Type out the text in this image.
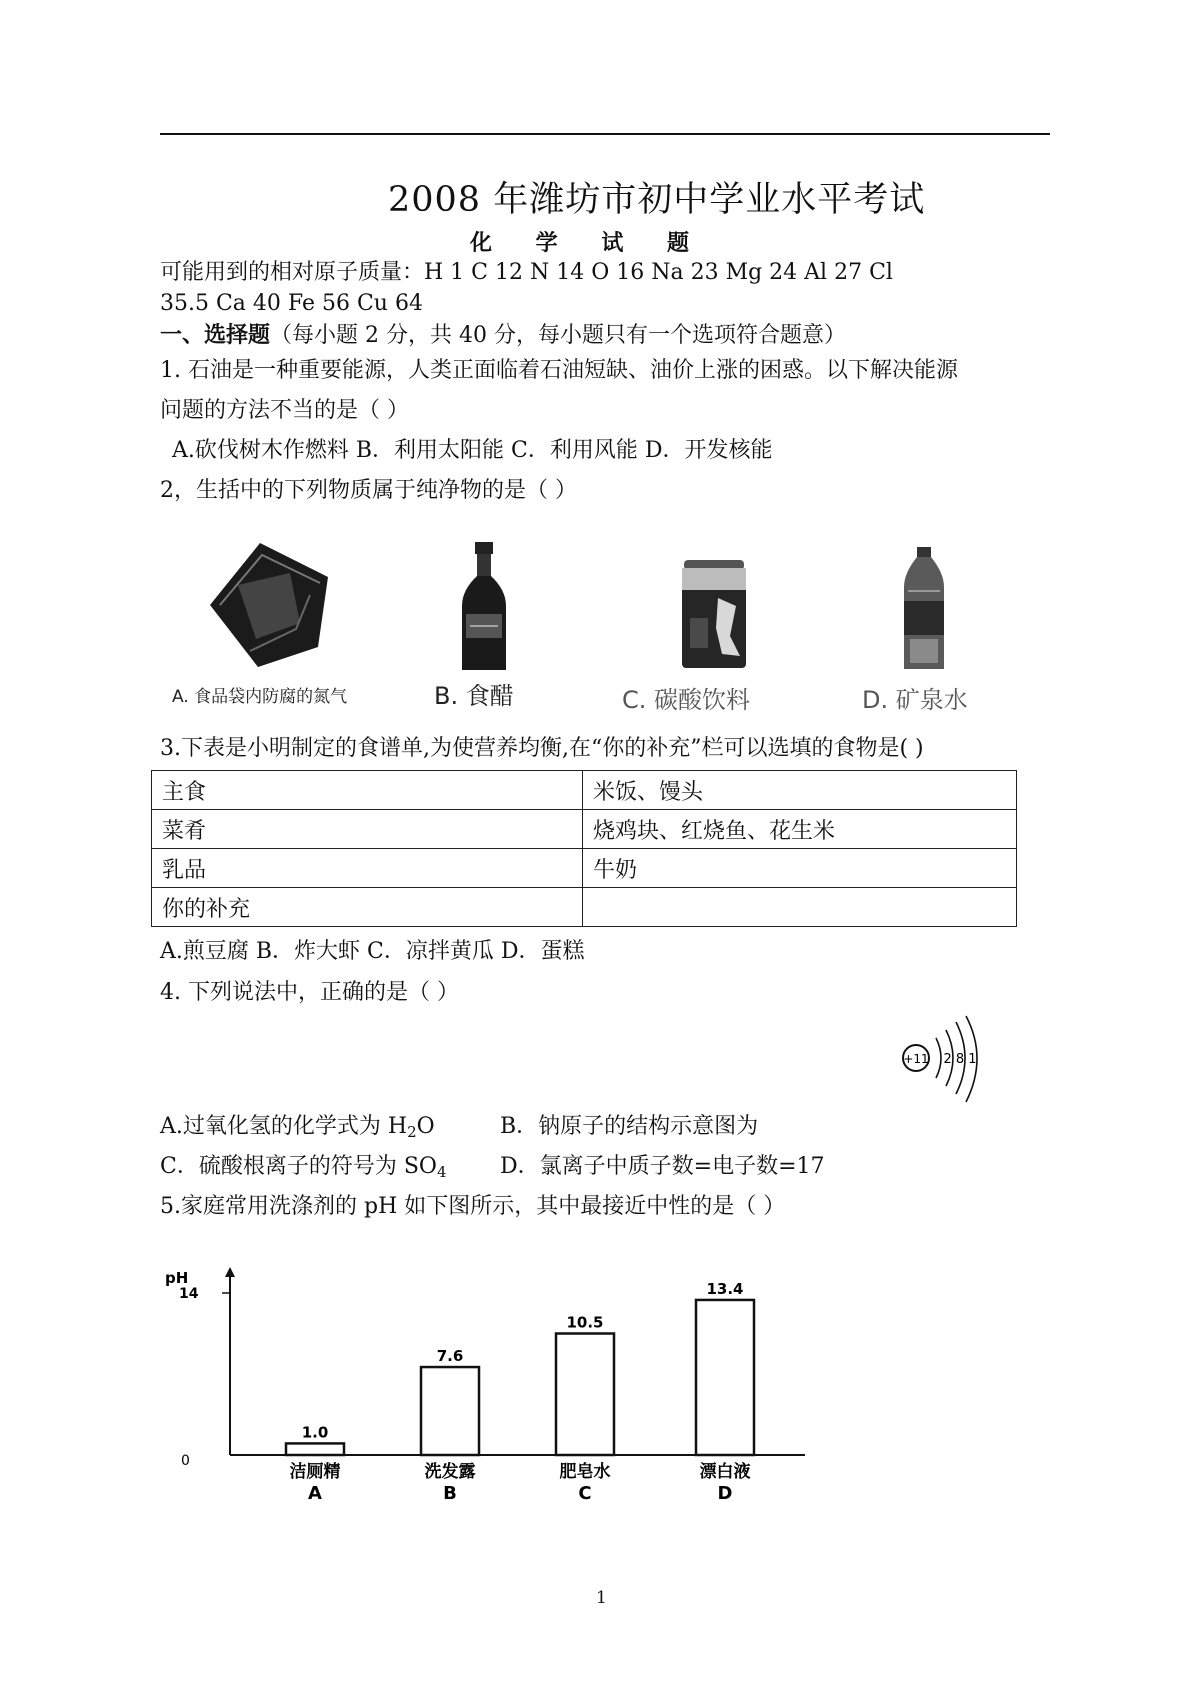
2008 年潍坊市初中学业水平考试
化 学 试 题
可能用到的相对原子质量：H 1 C 12 N 14 O 16 Na 23 Mg 24 Al 27 Cl
35.5 Ca 40 Fe 56 Cu 64
一、选择题（每小题 2 分，共 40 分，每小题只有一个选项符合题意）
1. 石油是一种重要能源，人类正面临着石油短缺、油价上涨的困惑。以下解决能源
问题的方法不当的是（ ）
A.砍伐树木作燃料 B．利用太阳能 C．利用风能 D．开发核能
2，生括中的下列物质属于纯净物的是（ ）
A. 食品袋内防腐的氮气	B. 食醋	C. 碳酸饮料	D. 矿泉水
3.下表是小明制定的食谱单,为使营养均衡,在“你的补充”栏可以选填的食物是( )
主食	米饭、馒头
菜肴	烧鸡块、红烧鱼、花生米
乳品	牛奶
你的补充	
A.煎豆腐 B．炸大虾 C．凉拌黄瓜 D．蛋糕
4. 下列说法中，正确的是（ ）
+11 2 8 1
A.过氧化氢的化学式为 $H_2O$	B．钠原子的结构示意图为
C．硫酸根离子的符号为 $SO_4$ D．氯离子中质子数=电子数=17
5.家庭常用洗涤剂的 pH 如下图所示，其中最接近中性的是（ ）
pH
14
0
1.0
洁厕精
A
7.6
洗发露
B
10.5
肥皂水
C
13.4
漂白液
D
1
